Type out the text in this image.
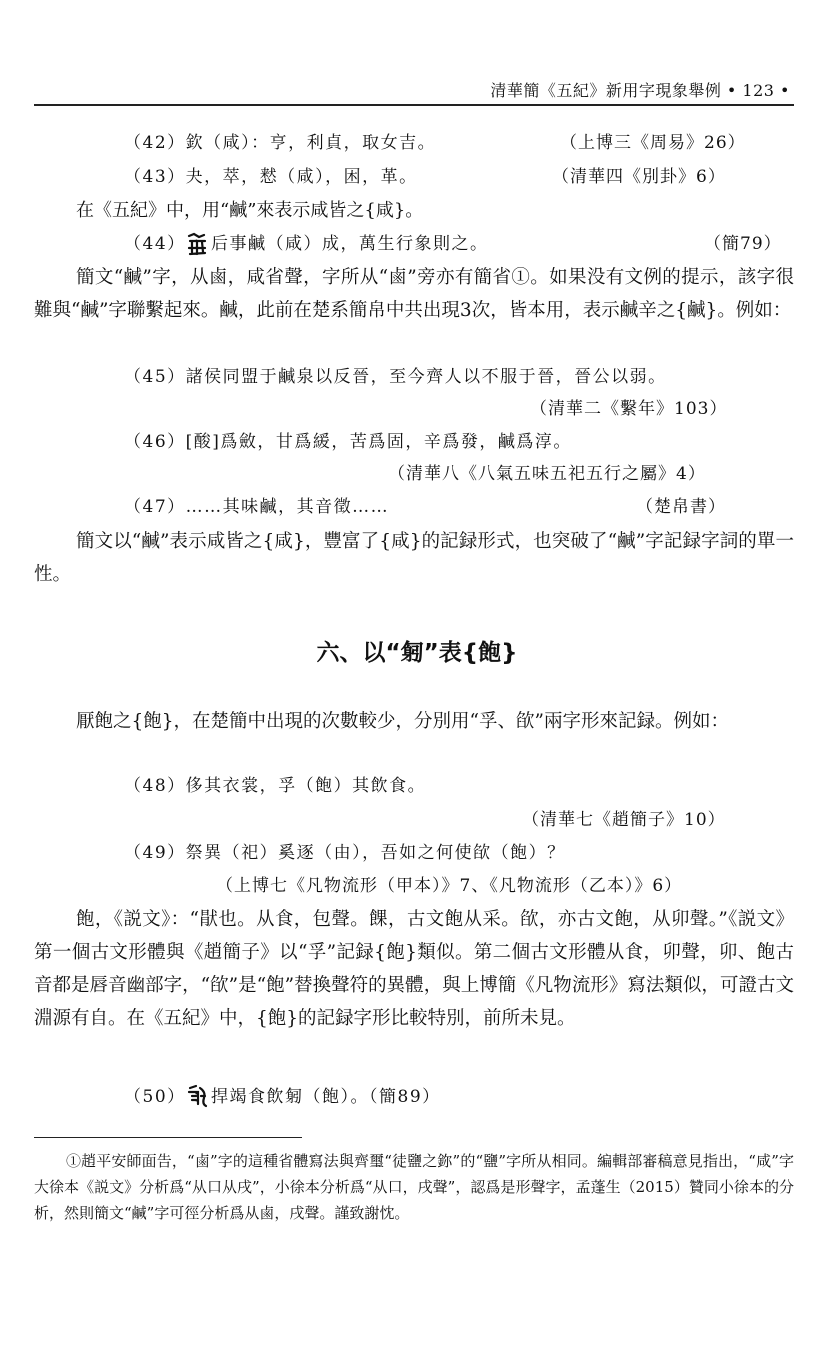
清華簡《五紀》新用字現象舉例 • 123 •
（42）欽（咸）：亨，利貞，取女吉。	（上博三《周易》26）
（43）夬，萃，慭（咸），困，革。	（清華四《別卦》6）
在《五紀》中，用“鹹”來表示咸皆之{咸}。
（44） ：后事鹹（咸）成，萬生行象則之。	（簡79）
簡文“鹹”字，从鹵，咸省聲，字所从“鹵”旁亦有簡省①。如果没有文例的提示，該字很難與“鹹”字聯繫起來。鹹，此前在楚系簡帛中共出現3次，皆本用，表示鹹辛之{鹹}。例如：
（45）諸侯同盟于鹹泉以反晉，至今齊人以不服于晉，晉公以弱。
（清華二《繫年》103）
（46）[酸]爲斂，甘爲緩，苦爲固，辛爲發，鹹爲淳。
（清華八《八氣五味五祀五行之屬》4）
（47）……其味鹹，其音徵……	（楚帛書）
簡文以“鹹”表示咸皆之{咸}，豐富了{咸}的記録形式，也突破了“鹹”字記録字詞的單一性。
六、以“匑”表{飽}
厭飽之{飽}，在楚簡中出現的次數較少，分別用“孚、欿”兩字形來記録。例如：
（48）侈其衣裳，孚（飽）其飲食。
（清華七《趙簡子》10）
（49）祭異（祀）奚逐（由），吾如之何使欿（飽）？
（上博七《凡物流形（甲本）》7、《凡物流形（乙本）》6）
飽，《説文》：“猒也。从食，包聲。餜，古文飽从采。欿，亦古文飽，从卯聲。”《説文》第一個古文形體與《趙簡子》以“孚”記録{飽}類似。第二個古文形體从食，卯聲，卯、飽古音都是唇音幽部字，“欿”是“飽”替換聲符的異體，與上博簡《凡物流形》寫法類似，可證古文淵源有自。在《五紀》中，{飽}的記録字形比較特別，前所未見。
（50） ：捍竭食飲匑（飽）。（簡89）
①趙平安師面告，“鹵”字的這種省體寫法與齊璽“徒鹽之鉨”的“鹽”字所从相同。編輯部審稿意見指出，“咸”字大徐本《説文》分析爲“从口从戌”，小徐本分析爲“从口，戌聲”，認爲是形聲字，孟蓬生（2015）贊同小徐本的分析，然則簡文“鹹”字可徑分析爲从鹵，戌聲。謹致謝忱。
